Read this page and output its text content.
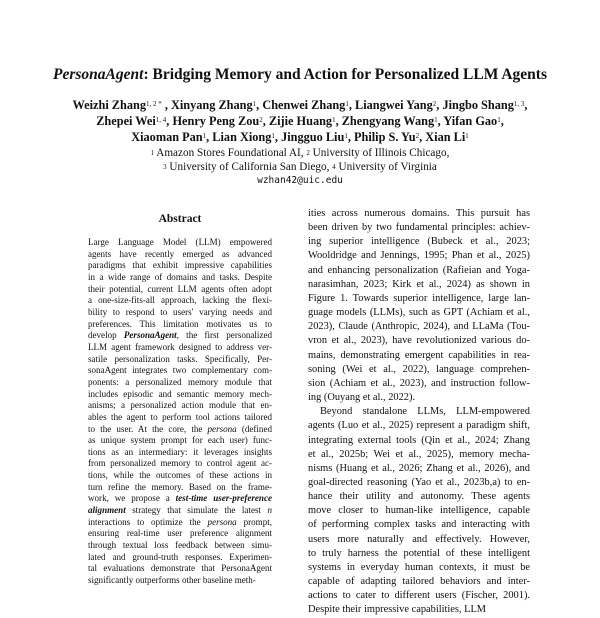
PersonaAgent: Bridging Memory and Action for Personalized LLM Agents
Weizhi Zhang$^{1, 2 *}$ , Xinyang Zhang$^1$, Chenwei Zhang$^1$, Liangwei Yang$^2$, Jingbo Shang$^{1, 3}$,
Zhepei Wei$^{1, 4}$, Henry Peng Zou$^2$, Zijie Huang$^1$, Zhengyang Wang$^1$, Yifan Gao$^1$,
Xiaoman Pan$^1$, Lian Xiong$^1$, Jingguo Liu$^1$, Philip S. Yu$^2$, Xian Li$^1$
$^1$ Amazon Stores Foundational AI, $^2$ University of Illinois Chicago,
$^3$ University of California San Diego, $^4$ University of Virginia
wzhan42@uic.edu
Abstract
Large Language Model (LLM) empowered
agents have recently emerged as advanced
paradigms that exhibit impressive capabilities
in a wide range of domains and tasks. Despite
their potential, current LLM agents often adopt
a one-size-fits-all approach, lacking the flexi-
bility to respond to users' varying needs and
preferences. This limitation motivates us to
develop PersonaAgent, the first personalized
LLM agent framework designed to address ver-
satile personalization tasks. Specifically, Per-
sonaAgent integrates two complementary com-
ponents: a personalized memory module that
includes episodic and semantic memory mech-
anisms; a personalized action module that en-
ables the agent to perform tool actions tailored
to the user. At the core, the persona (defined
as unique system prompt for each user) func-
tions as an intermediary: it leverages insights
from personalized memory to control agent ac-
tions, while the outcomes of these actions in
turn refine the memory. Based on the frame-
work, we propose a test-time user-preference
alignment strategy that simulate the latest n
interactions to optimize the persona prompt,
ensuring real-time user preference alignment
through textual loss feedback between simu-
lated and ground-truth responses. Experimen-
tal evaluations demonstrate that PersonaAgent
significantly outperforms other baseline meth-
ities across numerous domains. This pursuit has
been driven by two fundamental principles: achiev-
ing superior intelligence (Bubeck et al., 2023;
Wooldridge and Jennings, 1995; Phan et al., 2025)
and enhancing personalization (Rafieian and Yoga-
narasimhan, 2023; Kirk et al., 2024) as shown in
Figure 1. Towards superior intelligence, large lan-
guage models (LLMs), such as GPT (Achiam et al.,
2023), Claude (Anthropic, 2024), and LLaMa (Tou-
vron et al., 2023), have revolutionized various do-
mains, demonstrating emergent capabilities in rea-
soning (Wei et al., 2022), language comprehen-
sion (Achiam et al., 2023), and instruction follow-
ing (Ouyang et al., 2022).
Beyond standalone LLMs, LLM-empowered
agents (Luo et al., 2025) represent a paradigm shift,
integrating external tools (Qin et al., 2024; Zhang
et al., 2025b; Wei et al., 2025), memory mecha-
nisms (Huang et al., 2026; Zhang et al., 2026), and
goal-directed reasoning (Yao et al., 2023b,a) to en-
hance their utility and autonomy. These agents
move closer to human-like intelligence, capable
of performing complex tasks and interacting with
users more naturally and effectively. However,
to truly harness the potential of these intelligent
systems in everyday human contexts, it must be
capable of adapting tailored behaviors and inter-
actions to cater to different users (Fischer, 2001).
Despite their impressive capabilities, LLM
